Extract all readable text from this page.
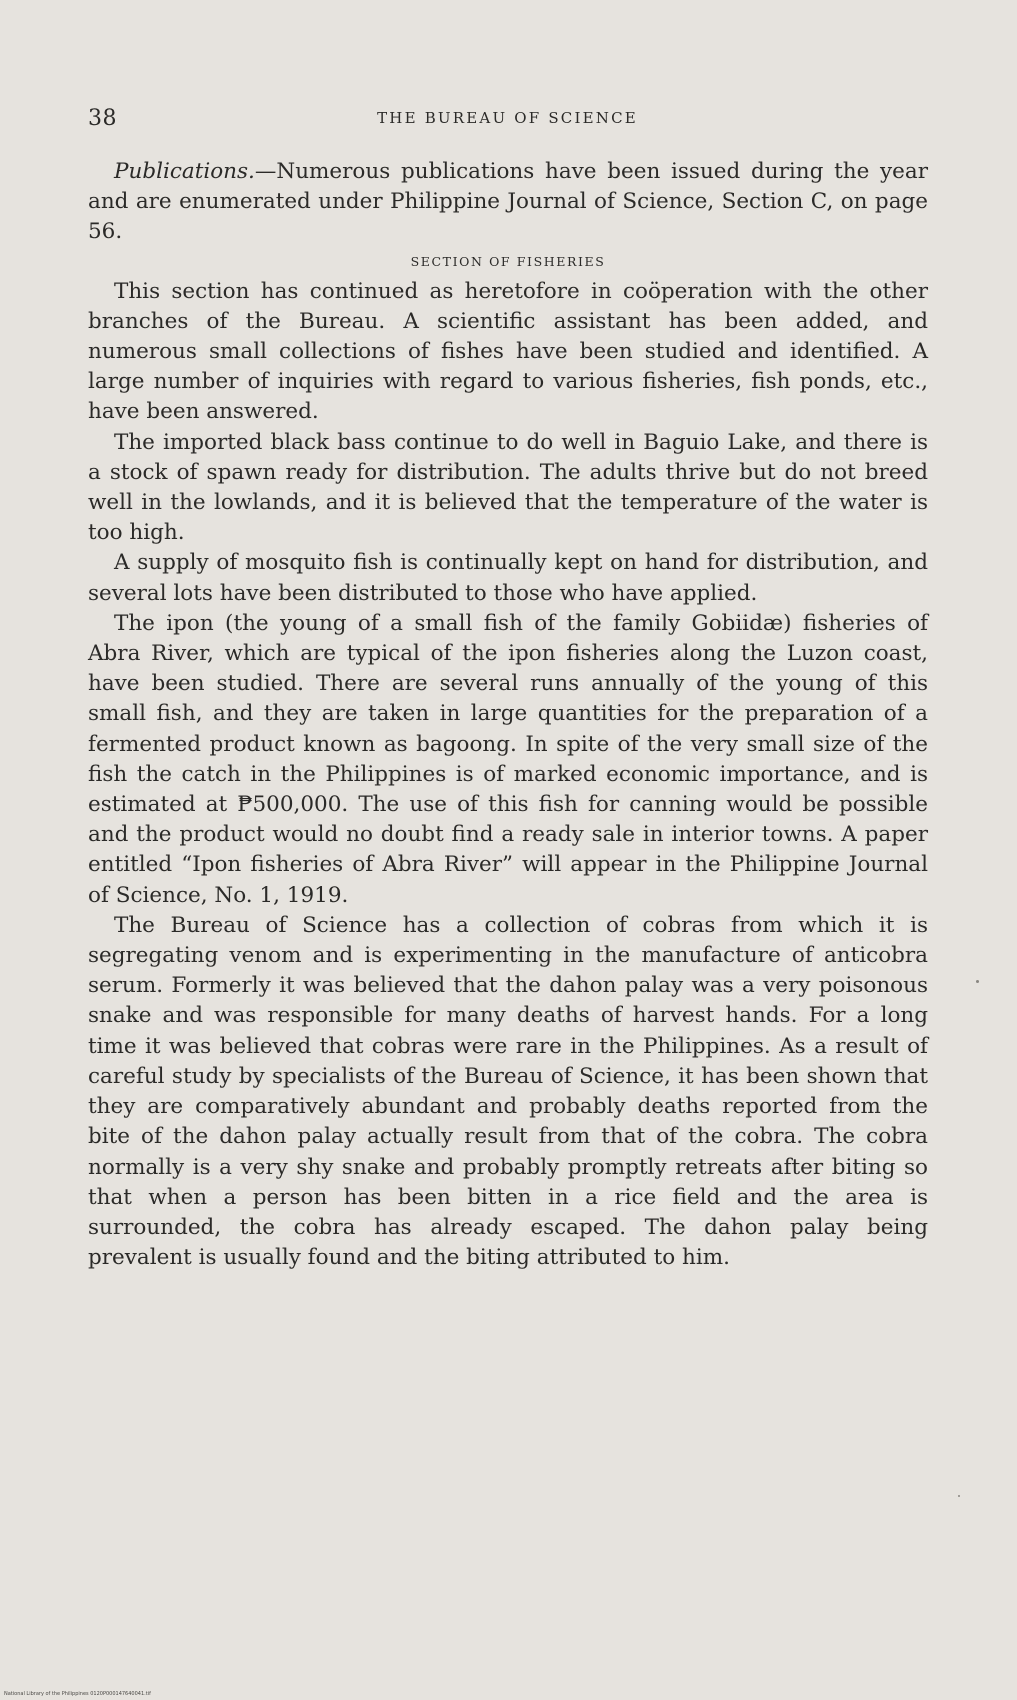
38	THE BUREAU OF SCIENCE

Publications.—Numerous publications have been issued during the year and are enumerated under Philippine Journal of Science, Section C, on page 56.

SECTION OF FISHERIES

This section has continued as heretofore in coöperation with the other branches of the Bureau. A scientific assistant has been added, and numerous small collections of fishes have been studied and identified. A large number of inquiries with regard to various fisheries, fish ponds, etc., have been answered.

The imported black bass continue to do well in Baguio Lake, and there is a stock of spawn ready for distribution. The adults thrive but do not breed well in the lowlands, and it is believed that the temperature of the water is too high.

A supply of mosquito fish is continually kept on hand for distribution, and several lots have been distributed to those who have applied.

The ipon (the young of a small fish of the family Gobiidæ) fisheries of Abra River, which are typical of the ipon fisheries along the Luzon coast, have been studied. There are several runs annually of the young of this small fish, and they are taken in large quantities for the preparation of a fermented product known as bagoong. In spite of the very small size of the fish the catch in the Philippines is of marked economic importance, and is estimated at ₱500,000. The use of this fish for canning would be possible and the product would no doubt find a ready sale in interior towns. A paper entitled “Ipon fisheries of Abra River” will appear in the Philippine Journal of Science, No. 1, 1919.

The Bureau of Science has a collection of cobras from which it is segregating venom and is experimenting in the manufacture of anticobra serum. Formerly it was believed that the dahon palay was a very poisonous snake and was responsible for many deaths of harvest hands. For a long time it was believed that cobras were rare in the Philippines. As a result of careful study by specialists of the Bureau of Science, it has been shown that they are comparatively abundant and probably deaths reported from the bite of the dahon palay actually result from that of the cobra. The cobra normally is a very shy snake and probably promptly retreats after biting so that when a person has been bitten in a rice field and the area is surrounded, the cobra has already escaped. The dahon palay being prevalent is usually found and the biting attributed to him.

National Library of the Philippines 0120P000147640041.tif
